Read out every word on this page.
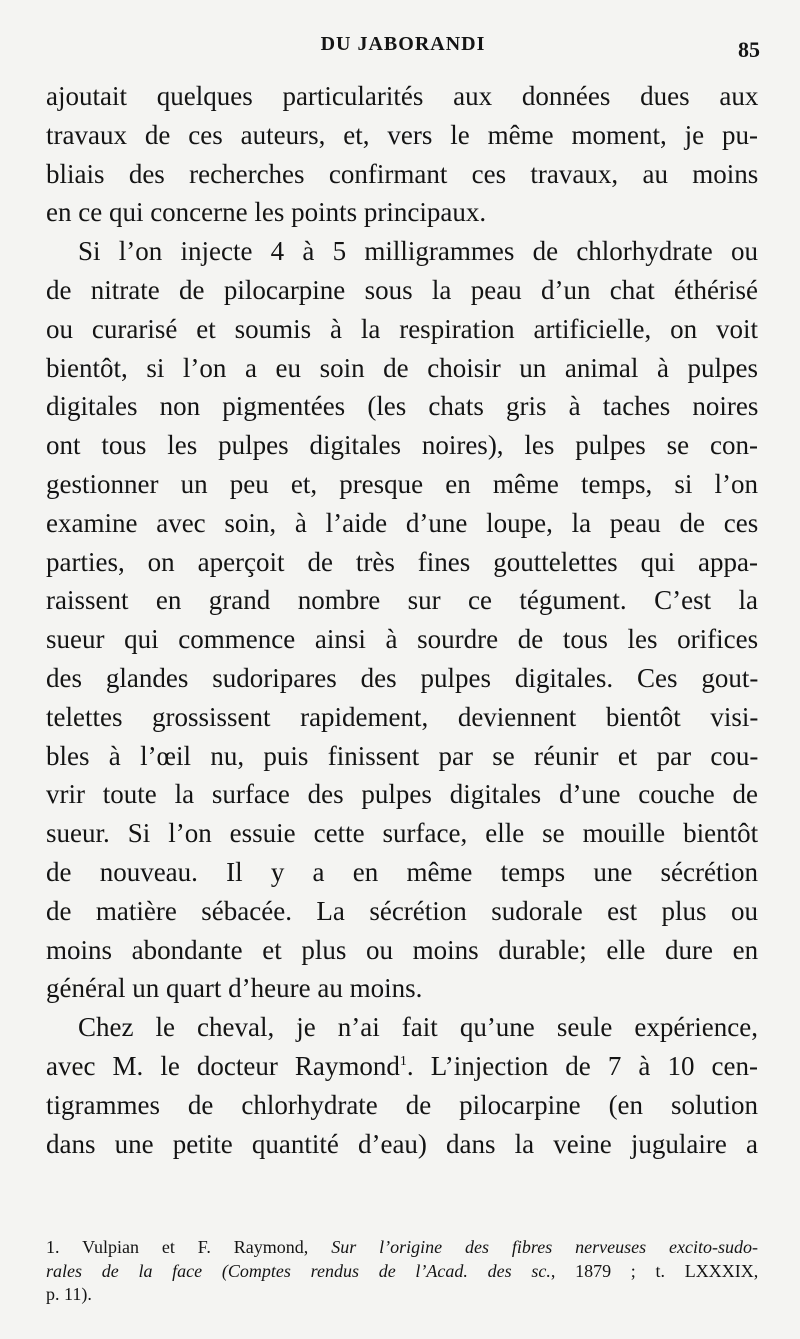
DU JABORANDI	85
ajoutait quelques particularités aux données dues aux
travaux de ces auteurs, et, vers le même moment, je pu-
bliais des recherches confirmant ces travaux, au moins
en ce qui concerne les points principaux.
Si l’on injecte 4 à 5 milligrammes de chlorhydrate ou
de nitrate de pilocarpine sous la peau d’un chat éthérisé
ou curarisé et soumis à la respiration artificielle, on voit
bientôt, si l’on a eu soin de choisir un animal à pulpes
digitales non pigmentées (les chats gris à taches noires
ont tous les pulpes digitales noires), les pulpes se con-
gestionner un peu et, presque en même temps, si l’on
examine avec soin, à l’aide d’une loupe, la peau de ces
parties, on aperçoit de très fines gouttelettes qui appa-
raissent en grand nombre sur ce tégument. C’est la
sueur qui commence ainsi à sourdre de tous les orifices
des glandes sudoripares des pulpes digitales. Ces gout-
telettes grossissent rapidement, deviennent bientôt visi-
bles à l’œil nu, puis finissent par se réunir et par cou-
vrir toute la surface des pulpes digitales d’une couche de
sueur. Si l’on essuie cette surface, elle se mouille bientôt
de nouveau. Il y a en même temps une sécrétion
de matière sébacée. La sécrétion sudorale est plus ou
moins abondante et plus ou moins durable; elle dure en
général un quart d’heure au moins.
Chez le cheval, je n’ai fait qu’une seule expérience,
avec M. le docteur Raymond$^1$. L’injection de 7 à 10 cen-
tigrammes de chlorhydrate de pilocarpine (en solution
dans une petite quantité d’eau) dans la veine jugulaire a
1. Vulpian et F. Raymond, Sur l’origine des fibres nerveuses excito-sudo-
rales de la face (Comptes rendus de l’Acad. des sc., 1879 ; t. LXXXIX,
p. 11).
